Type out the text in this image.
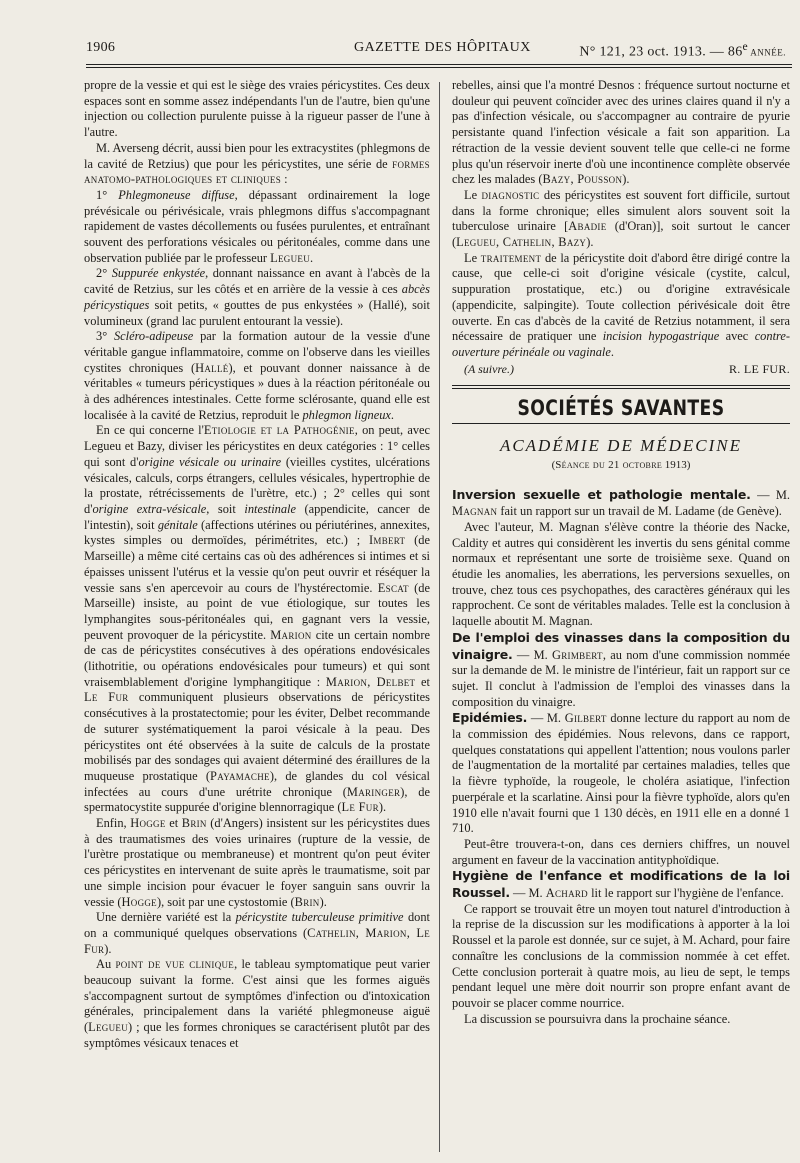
1906	GAZETTE DES HÔPITAUX	N° 121, 23 oct. 1913. — 86e ANNÉE.

propre de la vessie et qui est le siège des vraies péricystites. Ces deux espaces sont en somme assez indépendants l'un de l'autre, bien qu'une injection ou collection purulente puisse à la rigueur passer de l'une à l'autre.

M. Averseng décrit, aussi bien pour les extracystites (phlegmons de la cavité de Retzius) que pour les péricystites, une série de formes anatomo-pathologiques et cliniques :

1° Phlegmoneuse diffuse, dépassant ordinairement la loge prévésicale ou périvésicale, vrais phlegmons diffus s'accompagnant rapidement de vastes décollements ou fusées purulentes, et entraînant souvent des perforations vésicales ou péritonéales, comme dans une observation publiée par le professeur Legueu.

2° Suppurée enkystée, donnant naissance en avant à l'abcès de la cavité de Retzius, sur les côtés et en arrière de la vessie à ces abcès péricystiques soit petits, « gouttes de pus enkystées » (Hallé), soit volumineux (grand lac purulent entourant la vessie).

3° Scléro-adipeuse par la formation autour de la vessie d'une véritable gangue inflammatoire, comme on l'observe dans les vieilles cystites chroniques (Hallé), et pouvant donner naissance à de véritables « tumeurs péricystiques » dues à la réaction péritonéale ou à des adhérences intestinales. Cette forme sclérosante, quand elle est localisée à la cavité de Retzius, reproduit le phlegmon ligneux.

En ce qui concerne l'Etiologie et la Pathogénie, on peut, avec Legueu et Bazy, diviser les péricystites en deux catégories : 1° celles qui sont d'origine vésicale ou urinaire (vieilles cystites, ulcérations vésicales, calculs, corps étrangers, cellules vésicales, hypertrophie de la prostate, rétrécissements de l'urètre, etc.) ; 2° celles qui sont d'origine extra-vésicale, soit intestinale (appendicite, cancer de l'intestin), soit génitale (affections utérines ou périutérines, annexites, kystes simples ou dermoïdes, périmétrites, etc.) ; Imbert (de Marseille) a même cité certains cas où des adhérences si intimes et si épaisses unissent l'utérus et la vessie qu'on peut ouvrir et réséquer la vessie sans s'en apercevoir au cours de l'hystérectomie. Escat (de Marseille) insiste, au point de vue étiologique, sur toutes les lymphangites sous-péritonéales qui, en gagnant vers la vessie, peuvent provoquer de la péricystite. Marion cite un certain nombre de cas de péricystites consécutives à des opérations endovésicales (lithotritie, ou opérations endovésicales pour tumeurs) et qui sont vraisemblablement d'origine lymphangitique : Marion, Delbet et Le Fur communiquent plusieurs observations de péricystites consécutives à la prostatectomie; pour les éviter, Delbet recommande de suturer systématiquement la paroi vésicale à la peau. Des péricystites ont été observées à la suite de calculs de la prostate mobilisés par des sondages qui avaient déterminé des éraillures de la muqueuse prostatique (Payamache), de glandes du col vésical infectées au cours d'une urétrite chronique (Maringer), de spermatocystite suppurée d'origine blennorragique (Le Fur).

Enfin, Hogge et Brin (d'Angers) insistent sur les péricystites dues à des traumatismes des voies urinaires (rupture de la vessie, de l'urètre prostatique ou membraneuse) et montrent qu'on peut éviter ces péricystites en intervenant de suite après le traumatisme, soit par une simple incision pour évacuer le foyer sanguin sans ouvrir la vessie (Hogge), soit par une cystostomie (Brin).

Une dernière variété est la péricystite tuberculeuse primitive dont on a communiqué quelques observations (Cathelin, Marion, Le Fur).

Au point de vue clinique, le tableau symptomatique peut varier beaucoup suivant la forme. C'est ainsi que les formes aiguës s'accompagnent surtout de symptômes d'infection ou d'intoxication générales, principalement dans la variété phlegmoneuse aiguë (Legueu) ; que les formes chroniques se caractérisent plutôt par des symptômes vésicaux tenaces et

rebelles, ainsi que l'a montré Desnos : fréquence surtout nocturne et douleur qui peuvent coïncider avec des urines claires quand il n'y a pas d'infection vésicale, ou s'accompagner au contraire de pyurie persistante quand l'infection vésicale a fait son apparition. La rétraction de la vessie devient souvent telle que celle-ci ne forme plus qu'un réservoir inerte d'où une incontinence complète observée chez les malades (Bazy, Pousson).

Le diagnostic des péricystites est souvent fort difficile, surtout dans la forme chronique; elles simulent alors souvent soit la tuberculose urinaire [Abadie (d'Oran)], soit surtout le cancer (Legueu, Cathelin, Bazy).

Le traitement de la péricystite doit d'abord être dirigé contre la cause, que celle-ci soit d'origine vésicale (cystite, calcul, suppuration prostatique, etc.) ou d'origine extravésicale (appendicite, salpingite). Toute collection périvésicale doit être ouverte. En cas d'abcès de la cavité de Retzius notamment, il sera nécessaire de pratiquer une incision hypogastrique avec contre-ouverture périnéale ou vaginale.

(A suivre.)	R. LE FUR.
SOCIÉTÉS SAVANTES
ACADÉMIE DE MÉDECINE
(Séance du 21 octobre 1913)

Inversion sexuelle et pathologie mentale. — M. Magnan fait un rapport sur un travail de M. Ladame (de Genève).

Avec l'auteur, M. Magnan s'élève contre la théorie des Nacke, Caldity et autres qui considèrent les invertis du sens génital comme normaux et représentant une sorte de troisième sexe. Quand on étudie les anomalies, les aberrations, les perversions sexuelles, on trouve, chez tous ces psychopathes, des caractères généraux qui les rapprochent. Ce sont de véritables malades. Telle est la conclusion à laquelle aboutit M. Magnan.

De l'emploi des vinasses dans la composition du vinaigre. — M. Grimbert, au nom d'une commission nommée sur la demande de M. le ministre de l'intérieur, fait un rapport sur ce sujet. Il conclut à l'admission de l'emploi des vinasses dans la composition du vinaigre.

Epidémies. — M. Gilbert donne lecture du rapport au nom de la commission des épidémies. Nous relevons, dans ce rapport, quelques constatations qui appellent l'attention; nous voulons parler de l'augmentation de la mortalité par certaines maladies, telles que la fièvre typhoïde, la rougeole, le choléra asiatique, l'infection puerpérale et la scarlatine. Ainsi pour la fièvre typhoïde, alors qu'en 1910 elle n'avait fourni que 1 130 décès, en 1911 elle en a donné 1 710.

Peut-être trouvera-t-on, dans ces derniers chiffres, un nouvel argument en faveur de la vaccination antityphoïdique.

Hygiène de l'enfance et modifications de la loi Roussel. — M. Achard lit le rapport sur l'hygiène de l'enfance.

Ce rapport se trouvait être un moyen tout naturel d'introduction à la reprise de la discussion sur les modifications à apporter à la loi Roussel et la parole est donnée, sur ce sujet, à M. Achard, pour faire connaître les conclusions de la commission nommée à cet effet. Cette conclusion porterait à quatre mois, au lieu de sept, le temps pendant lequel une mère doit nourrir son propre enfant avant de pouvoir se placer comme nourrice.

La discussion se poursuivra dans la prochaine séance.
